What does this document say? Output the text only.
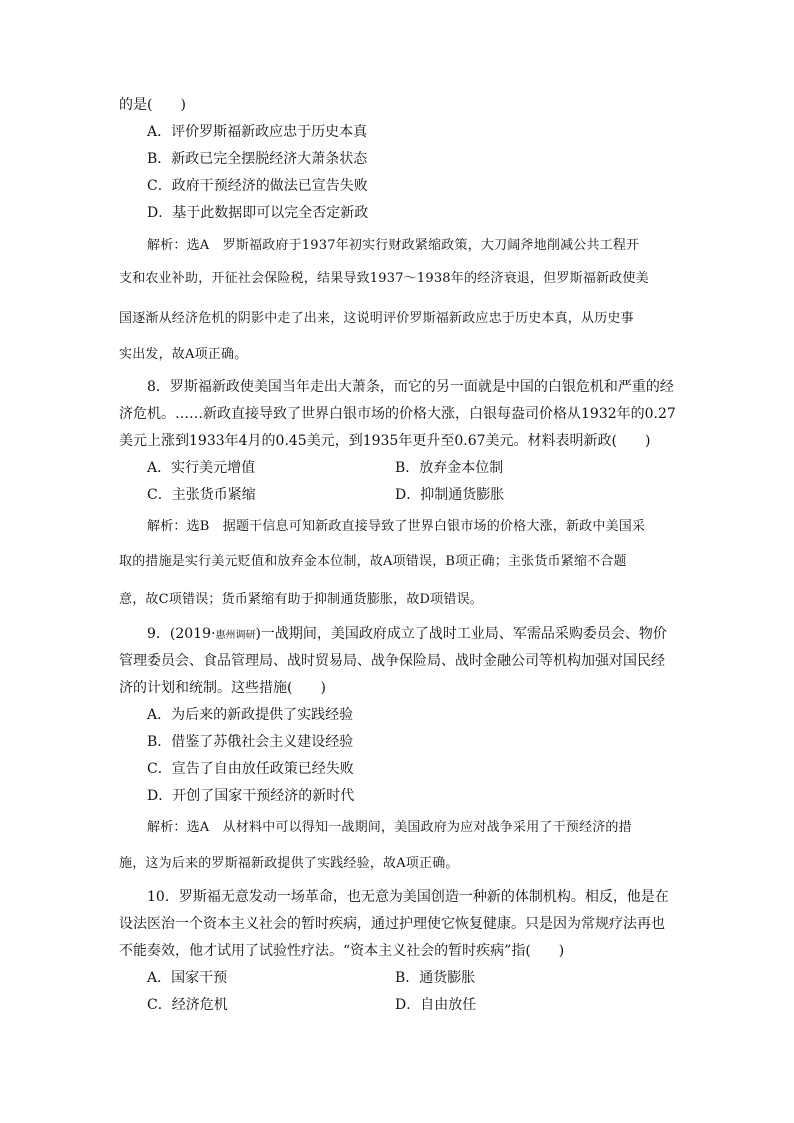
的是(　　)
A．评价罗斯福新政应忠于历史本真
B．新政已完全摆脱经济大萧条状态
C．政府干预经济的做法已宣告失败
D．基于此数据即可以完全否定新政
解析：选A　罗斯福政府于1937年初实行财政紧缩政策，大刀阔斧地削减公共工程开
支和农业补助，开征社会保险税，结果导致1937～1938年的经济衰退，但罗斯福新政使美
国逐渐从经济危机的阴影中走了出来，这说明评价罗斯福新政应忠于历史本真，从历史事
实出发，故A项正确。
8．罗斯福新政使美国当年走出大萧条，而它的另一面就是中国的白银危机和严重的经
济危机。……新政直接导致了世界白银市场的价格大涨，白银每盎司价格从1932年的0.27
美元上涨到1933年4月的0.45美元，到1935年更升至0.67美元。材料表明新政(　　)
A．实行美元增值	B．放弃金本位制
C．主张货币紧缩	D．抑制通货膨胀
解析：选B　据题干信息可知新政直接导致了世界白银市场的价格大涨，新政中美国采
取的措施是实行美元贬值和放弃金本位制，故A项错误，B项正确；主张货币紧缩不合题
意，故C项错误；货币紧缩有助于抑制通货膨胀，故D项错误。
9．(2019·惠州调研)一战期间，美国政府成立了战时工业局、军需品采购委员会、物价
管理委员会、食品管理局、战时贸易局、战争保险局、战时金融公司等机构加强对国民经
济的计划和统制。这些措施(　　)
A．为后来的新政提供了实践经验
B．借鉴了苏俄社会主义建设经验
C．宣告了自由放任政策已经失败
D．开创了国家干预经济的新时代
解析：选A　从材料中可以得知一战期间，美国政府为应对战争采用了干预经济的措
施，这为后来的罗斯福新政提供了实践经验，故A项正确。
10．罗斯福无意发动一场革命，也无意为美国创造一种新的体制机构。相反，他是在
设法医治一个资本主义社会的暂时疾病，通过护理使它恢复健康。只是因为常规疗法再也
不能奏效，他才试用了试验性疗法。“资本主义社会的暂时疾病”指(　　)
A．国家干预	B．通货膨胀
C．经济危机	D．自由放任
